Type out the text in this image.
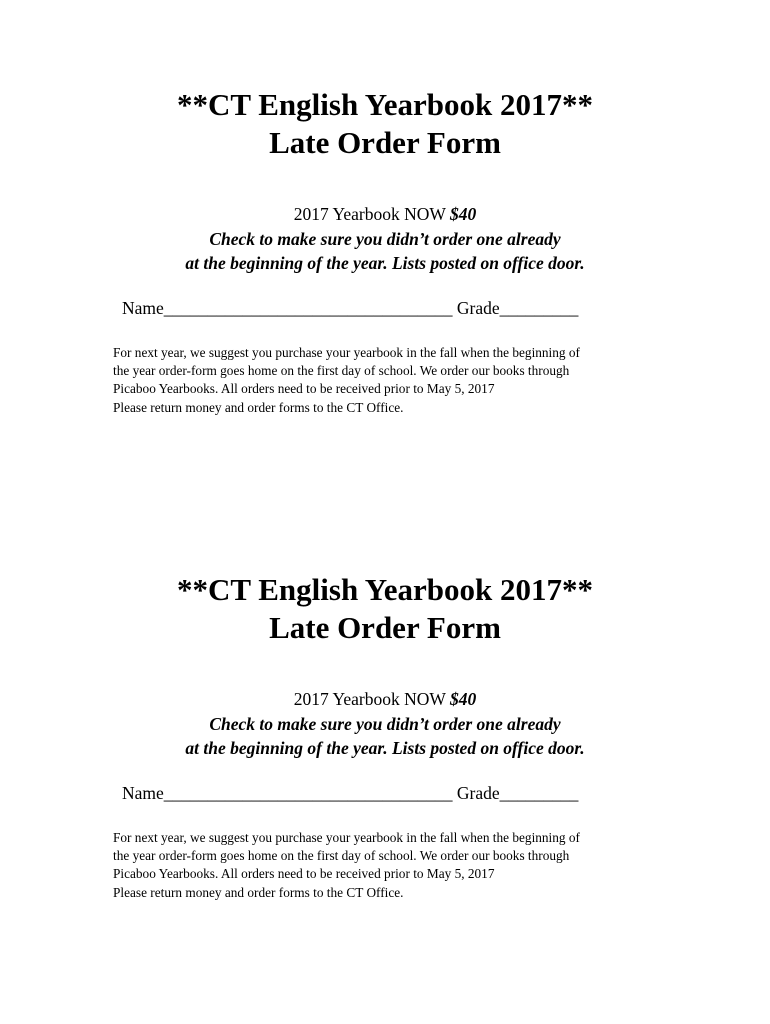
**CT English Yearbook 2017**
Late Order Form
2017 Yearbook NOW $40
Check to make sure you didn’t order one already
at the beginning of the year. Lists posted on office door.
Name_________________________________ Grade_________
For next year, we suggest you purchase your yearbook in the fall when the beginning of
the year order-form goes home on the first day of school. We order our books through
Picaboo Yearbooks. All orders need to be received prior to May 5, 2017
Please return money and order forms to the CT Office.
**CT English Yearbook 2017**
Late Order Form
2017 Yearbook NOW $40
Check to make sure you didn’t order one already
at the beginning of the year. Lists posted on office door.
Name_________________________________ Grade_________
For next year, we suggest you purchase your yearbook in the fall when the beginning of
the year order-form goes home on the first day of school. We order our books through
Picaboo Yearbooks. All orders need to be received prior to May 5, 2017
Please return money and order forms to the CT Office.
